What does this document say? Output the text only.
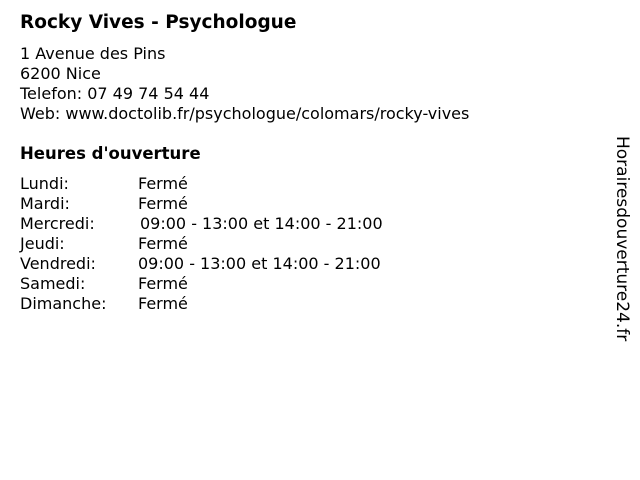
Rocky Vives - Psychologue
1 Avenue des Pins
6200 Nice
Telefon: 07 49 74 54 44
Web: www.doctolib.fr/psychologue/colomars/rocky-vives
Heures d'ouverture
Lundi:	Fermé
Mardi:	Fermé
Mercredi:	09:00 - 13:00 et 14:00 - 21:00
Jeudi:	Fermé
Vendredi:	09:00 - 13:00 et 14:00 - 21:00
Samedi:	Fermé
Dimanche:	Fermé	Horairesdouverture24.fr
